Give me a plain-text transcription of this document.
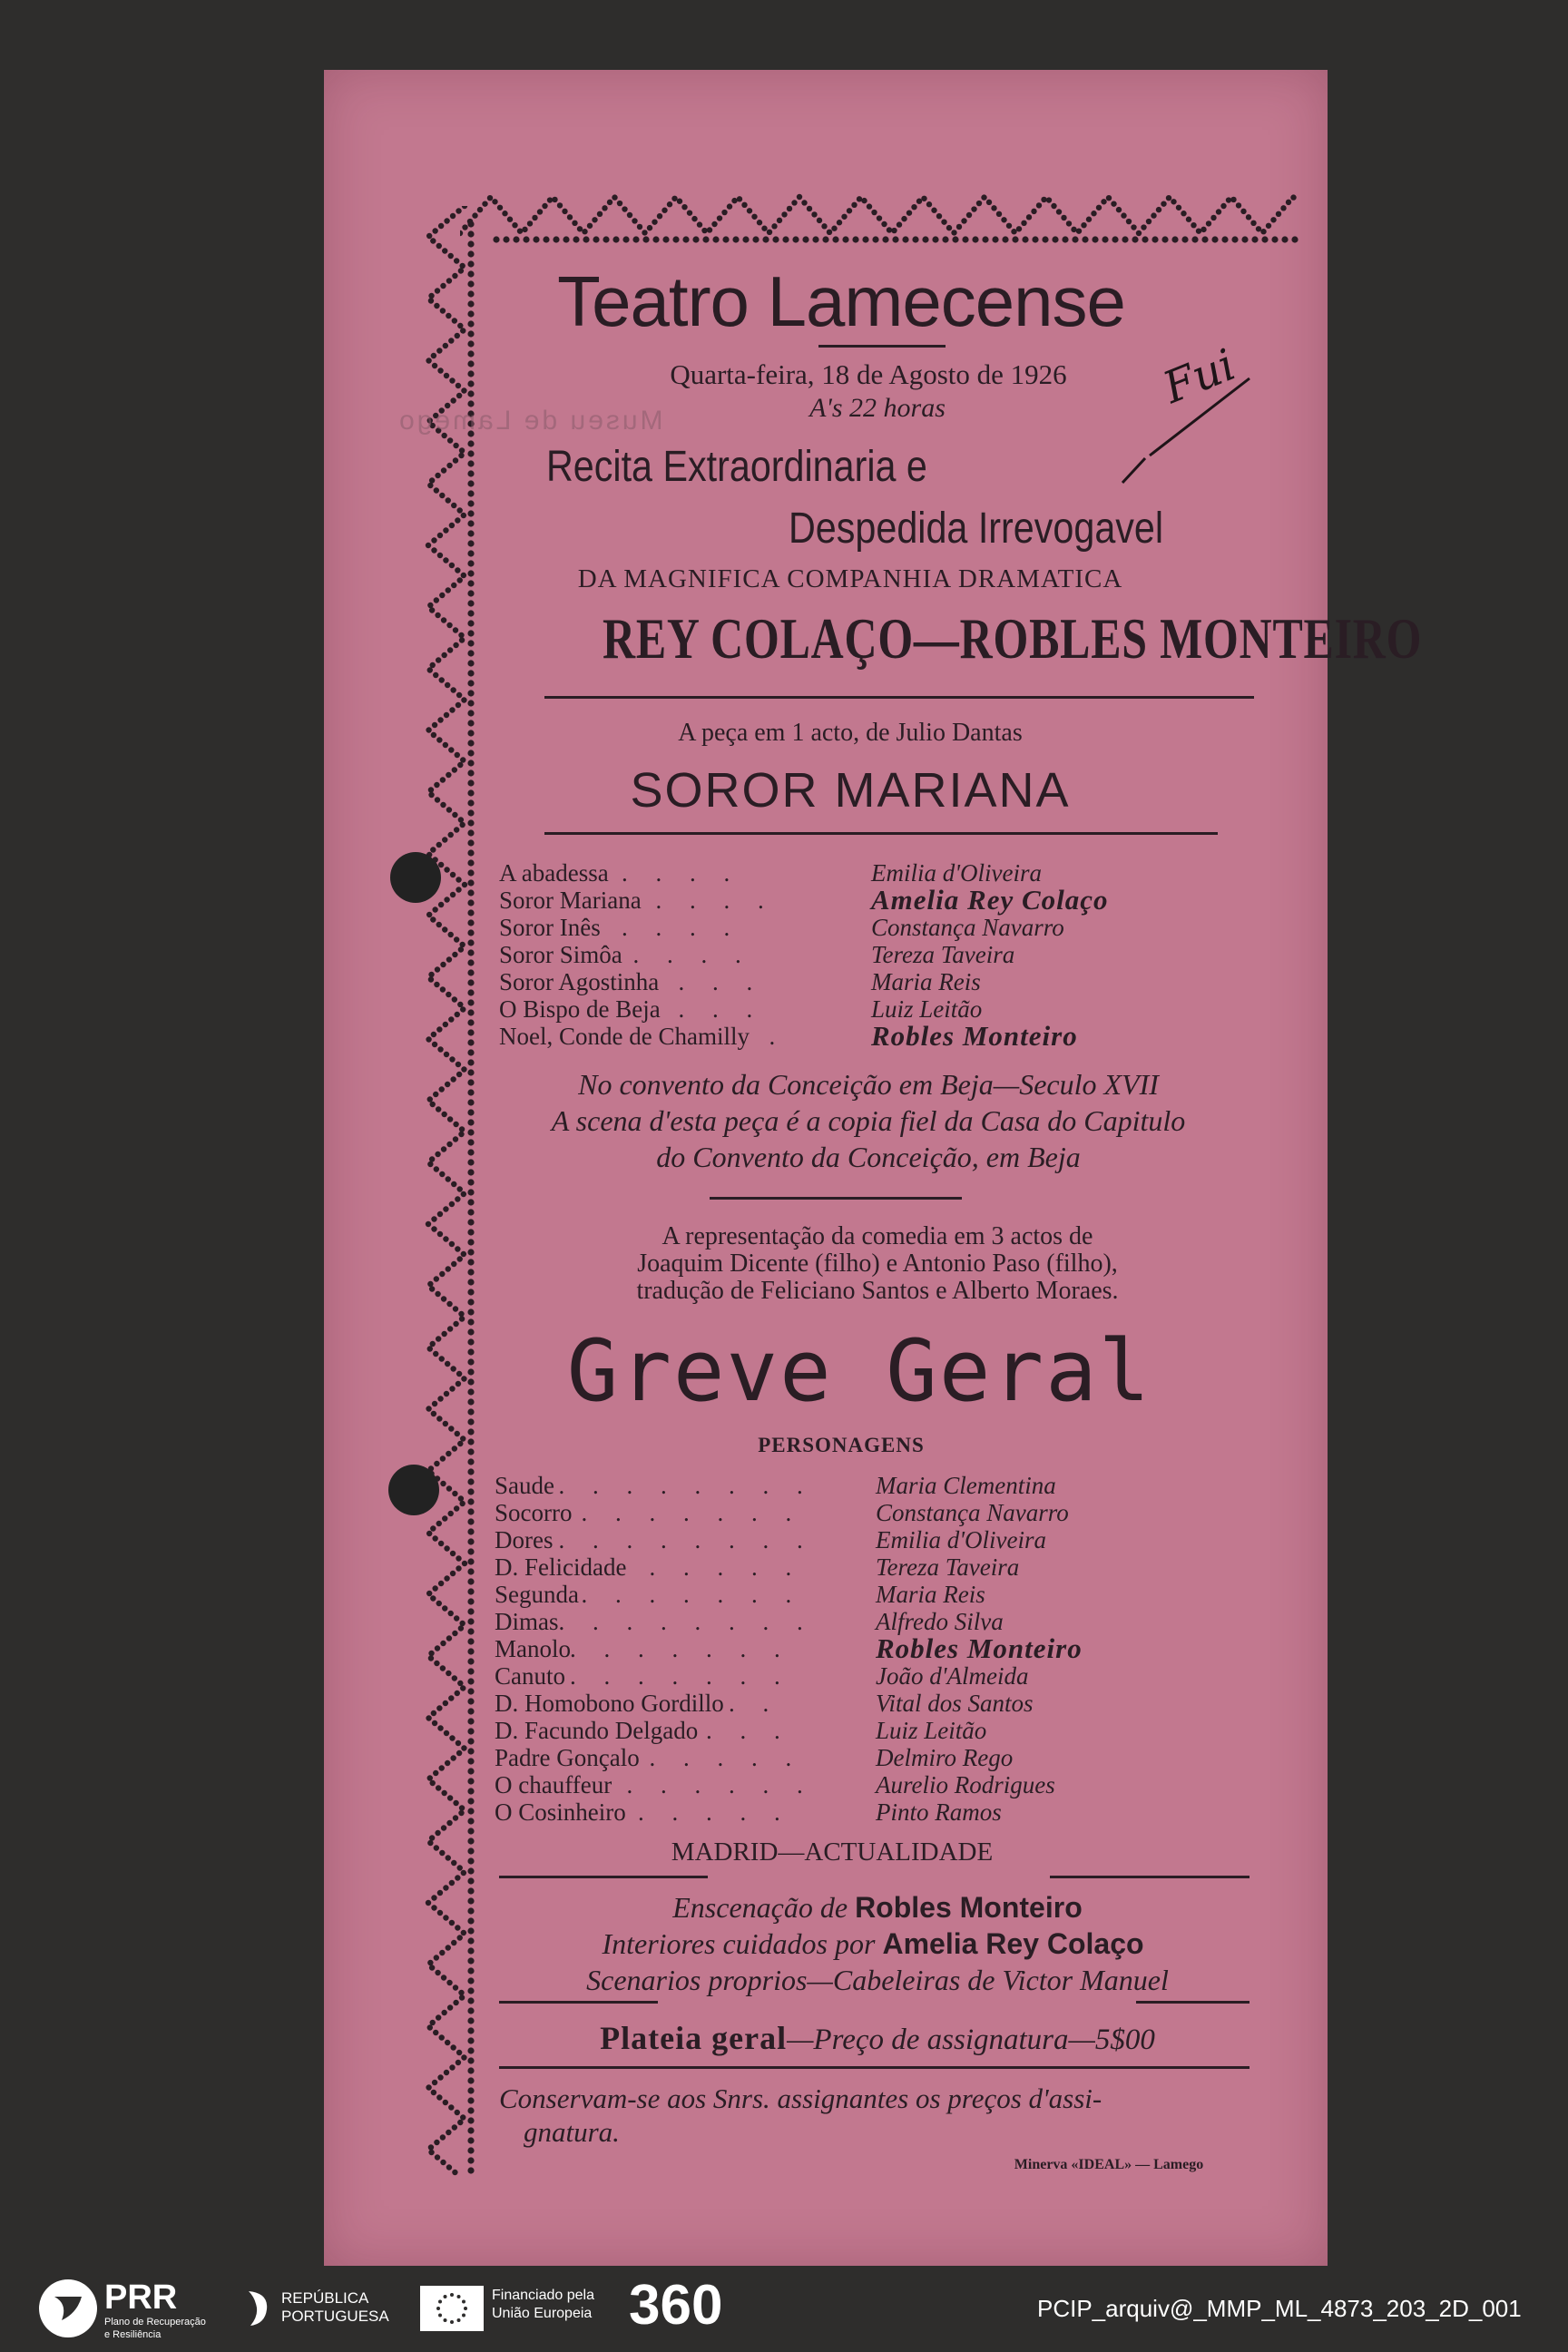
Museu de Lamego
Teatro Lamecense
Fui
Quarta-feira, 18 de Agosto de 1926
A's 22 horas
Recita Extraordinaria e
Despedida Irrevogavel
DA MAGNIFICA COMPANHIA DRAMATICA
REY COLAÇO—ROBLES MONTEIRO
A peça em 1 acto, de Julio Dantas
SOROR MARIANA
A abadessa . . . .	Emilia d'Oliveira
Soror Mariana . . . .	Amelia Rey Colaço
Soror Inês . . . .	Constança Navarro
Soror Simôa . . . .	Tereza Taveira
Soror Agostinha . . .	Maria Reis
O Bispo de Beja . . .	Luiz Leitão
Noel, Conde de Chamilly .	Robles Monteiro
No convento da Conceição em Beja—Seculo XVII
A scena d'esta peça é a copia fiel da Casa do Capitulo
do Convento da Conceição, em Beja
A representação da comedia em 3 actos de
Joaquim Dicente (filho) e Antonio Paso (filho),
tradução de Feliciano Santos e Alberto Moraes.
Greve Geral
PERSONAGENS
Saude . . . . . . . .	Maria Clementina
Socorro . . . . . . .	Constança Navarro
Dores . . . . . . . .	Emilia d'Oliveira
D. Felicidade . . . . .	Tereza Taveira
Segunda . . . . . . .	Maria Reis
Dimas . . . . . . . .	Alfredo Silva
Manolo . . . . . . .	Robles Monteiro
Canuto . . . . . . .	João d'Almeida
D. Homobono Gordillo . .	Vital dos Santos
D. Facundo Delgado . . .	Luiz Leitão
Padre Gonçalo . . . . .	Delmiro Rego
O chauffeur . . . . . .	Aurelio Rodrigues
O Cosinheiro . . . . .	Pinto Ramos
MADRID—ACTUALIDADE
Enscenação de Robles Monteiro
Interiores cuidados por Amelia Rey Colaço
Scenarios proprios—Cabeleiras de Victor Manuel
Plateia geral—Preço de assignatura—5$00
Conservam-se aos Snrs. assignantes os preços d'assi-
gnatura.
Minerva «IDEAL» — Lamego
PRR
Plano de Recuperação
e Resiliência
REPÚBLICA
PORTUGUESA
Financiado pela
União Europeia 360	PCIP_arquiv@_MMP_ML_4873_203_2D_001
